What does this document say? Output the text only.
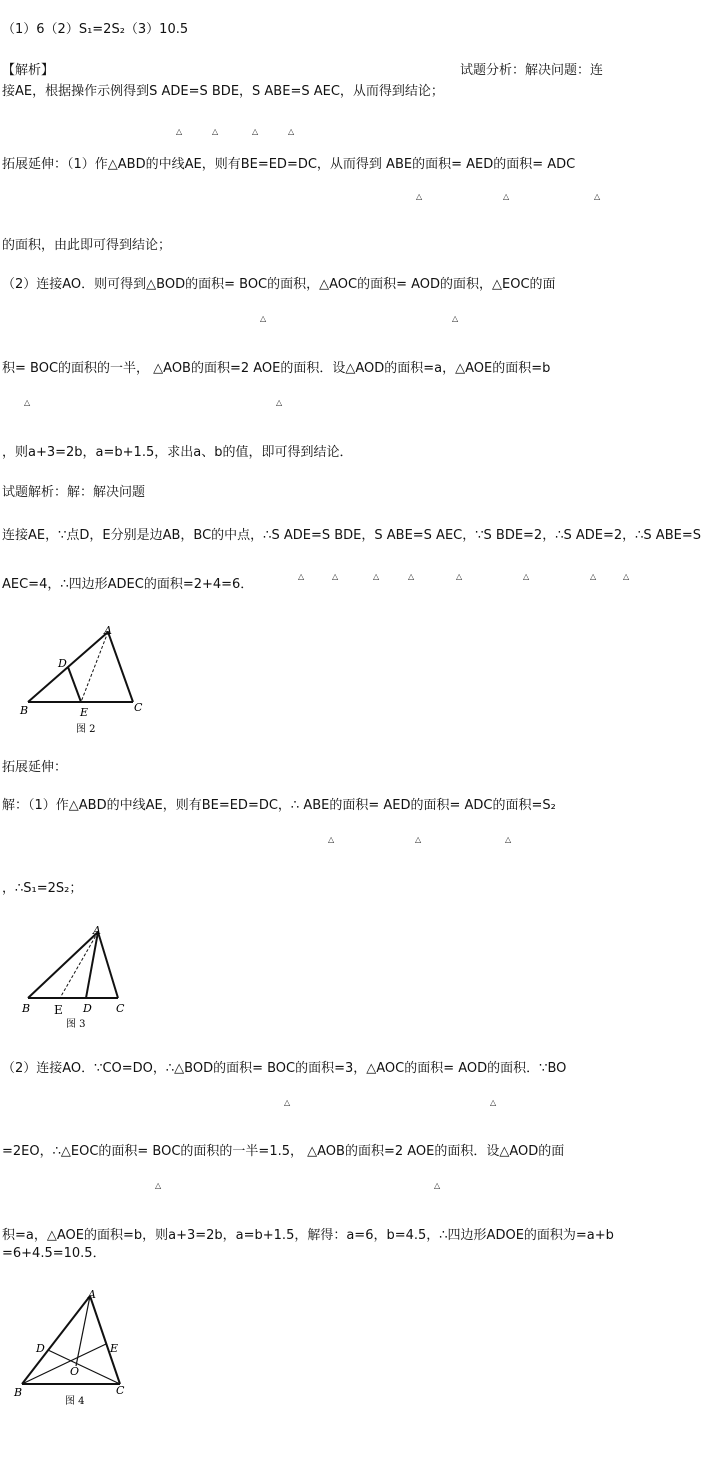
（1）6（2）S₁=2S₂（3）10.5
【解析】	试题分析：解决问题：连
接AE，根据操作示例得到S ADE=S BDE，S ABE=S AEC，从而得到结论；
△	△	△	△
拓展延伸：（1）作△ABD的中线AE，则有BE=ED=DC，从而得到 ABE的面积= AED的面积= ADC
△	△	△
的面积，由此即可得到结论；
（2）连接AO．则可得到△BOD的面积= BOC的面积，△AOC的面积= AOD的面积，△EOC的面
△	△
积= BOC的面积的一半， △AOB的面积=2 AOE的面积．设△AOD的面积=a，△AOE的面积=b
△	△
，则a+3=2b，a=b+1.5，求出a、b的值，即可得到结论．
试题解析：解：解决问题
连接AE，∵点D，E分别是边AB，BC的中点，∴S ADE=S BDE，S ABE=S AEC，∵S BDE=2，∴S ADE=2，∴S ABE=S
AEC=4，∴四边形ADEC的面积=2+4=6．
△	△	△	△	△	△	△	△
A
B	C
D
E
图 2
拓展延伸：
解：（1）作△ABD的中线AE，则有BE=ED=DC，∴ ABE的面积= AED的面积= ADC的面积=S₂
△	△	△
，∴S₁=2S₂；
A
B	C
D
E
图 3
（2）连接AO．∵CO=DO，∴△BOD的面积= BOC的面积=3，△AOC的面积= AOD的面积．∵BO
△	△
=2EO，∴△EOC的面积= BOC的面积的一半=1.5， △AOB的面积=2 AOE的面积．设△AOD的面
△	△
积=a，△AOE的面积=b，则a+3=2b，a=b+1.5，解得：a=6，b=4.5，∴四边形ADOE的面积为=a+b
=6+4.5=10.5．
A
B	C
D	E
O
图 4
